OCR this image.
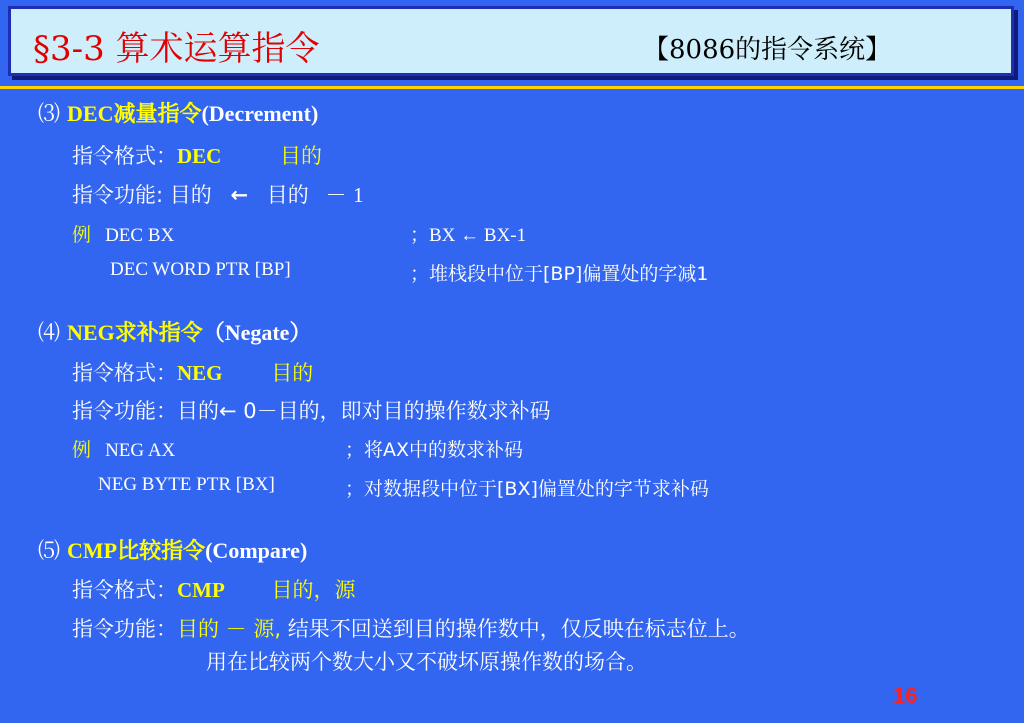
§3-3 算术运算指令	【8086的指令系统】
⑶ DEC减量指令(Decrement)
指令格式：DEC	目的
指令功能: 目的 ← 目的 － 1
例 DEC BX	；BX ← BX-1
DEC WORD PTR [BP]	；堆栈段中位于[BP]偏置处的字减1
⑷ NEG求补指令（Negate）
指令格式：NEG 目的
指令功能：目的← 0－目的，即对目的操作数求补码
例 NEG AX	；将AX中的数求补码
NEG BYTE PTR [BX]	；对数据段中位于[BX]偏置处的字节求补码
⑸ CMP比较指令(Compare)
指令格式：CMP 目的，源
指令功能：目的 － 源, 结果不回送到目的操作数中，仅反映在标志位上。
用在比较两个数大小又不破坏原操作数的场合。
16
